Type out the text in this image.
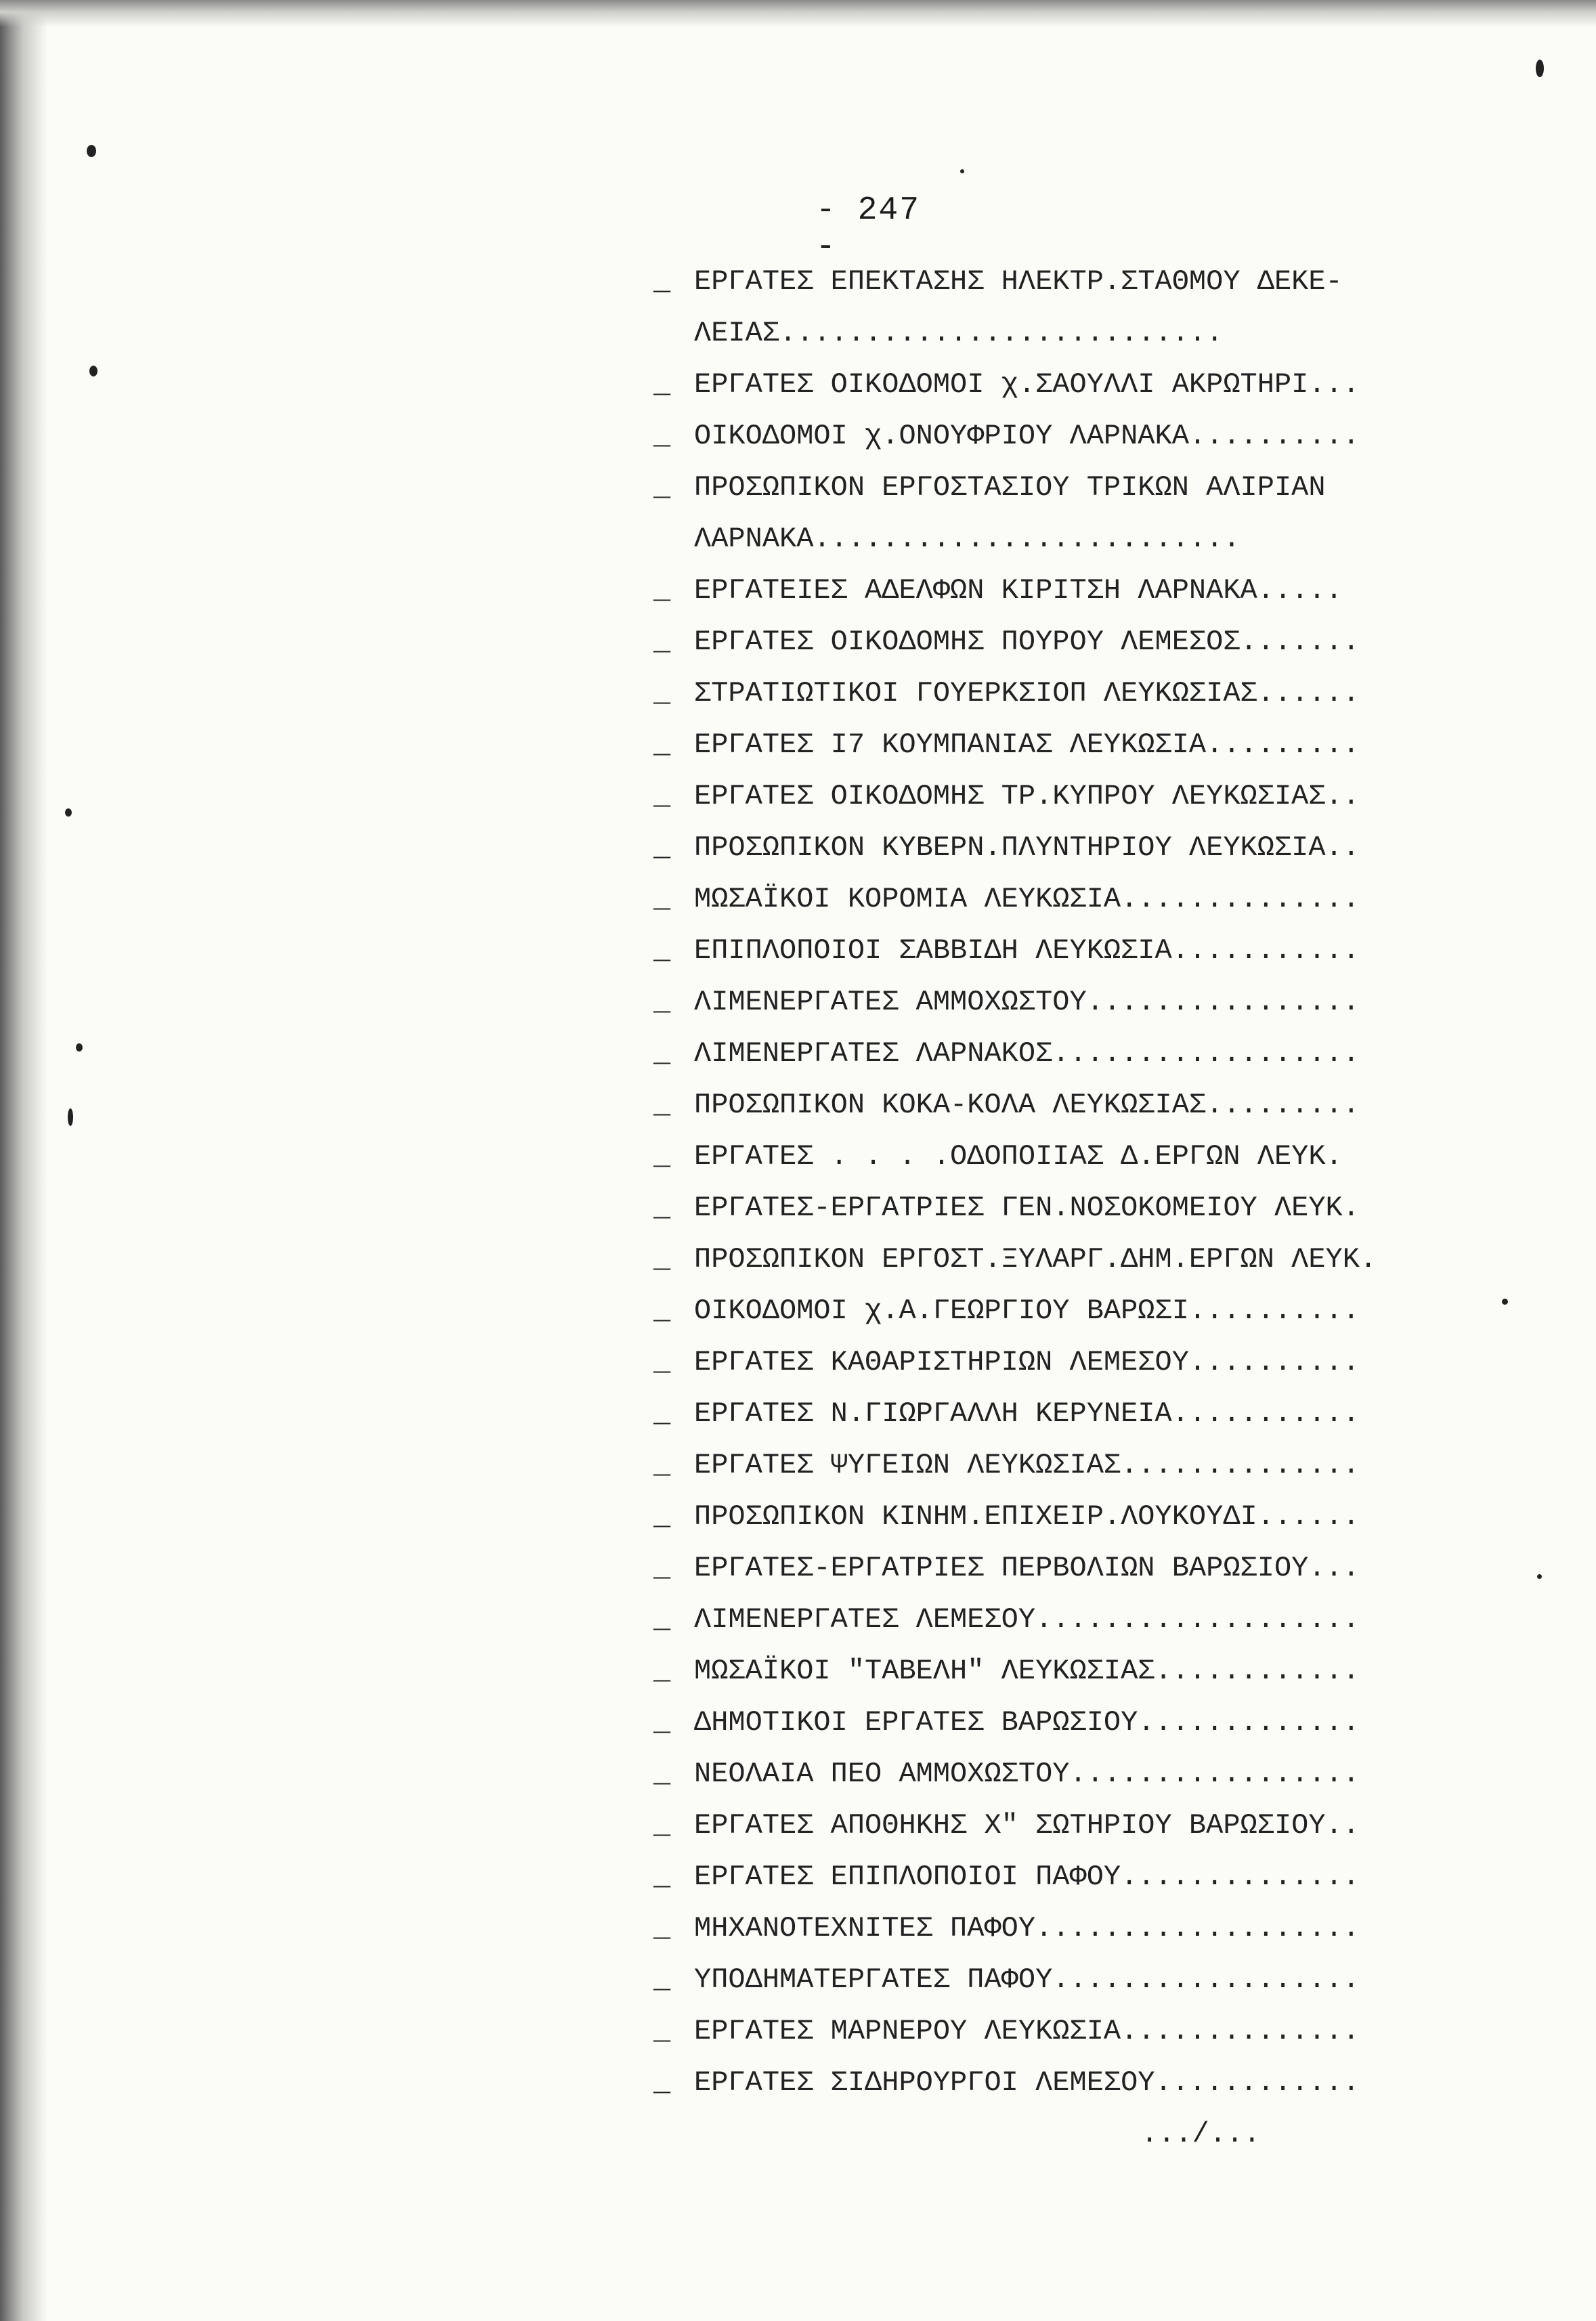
- 247 -
_ ΕΡΓΑΤΕΣ ΕΠΕΚΤΑΣΗΣ ΗΛΕΚΤΡ.ΣΤΑΘΜΟΥ ΔΕΚΕ-
ΛΕΙΑΣ..........................
_ ΕΡΓΑΤΕΣ ΟΙΚΟΔΟΜΟΙ χ.ΣΑΟΥΛΛΙ ΑΚΡΩΤΗΡΙ...
_ ΟΙΚΟΔΟΜΟΙ χ.ΟΝΟΥΦΡΙΟΥ ΛΑΡΝΑΚΑ..........
_ ΠΡΟΣΩΠΙΚΟΝ ΕΡΓΟΣΤΑΣΙΟΥ ΤΡΙΚΩΝ ΑΛΙΡΙΑΝ
ΛΑΡΝΑΚΑ.........................
_ ΕΡΓΑΤΕΙΕΣ ΑΔΕΛΦΩΝ ΚΙΡΙΤΣΗ ΛΑΡΝΑΚΑ.....
_ ΕΡΓΑΤΕΣ ΟΙΚΟΔΟΜΗΣ ΠΟΥΡΟΥ ΛΕΜΕΣΟΣ.......
_ ΣΤΡΑΤΙΩΤΙΚΟΙ ΓΟΥΕΡΚΣΙΟΠ ΛΕΥΚΩΣΙΑΣ......
_ ΕΡΓΑΤΕΣ Ι7 ΚΟΥΜΠΑΝΙΑΣ ΛΕΥΚΩΣΙΑ.........
_ ΕΡΓΑΤΕΣ ΟΙΚΟΔΟΜΗΣ ΤΡ.ΚΥΠΡΟΥ ΛΕΥΚΩΣΙΑΣ..
_ ΠΡΟΣΩΠΙΚΟΝ ΚΥΒΕΡΝ.ΠΛΥΝΤΗΡΙΟΥ ΛΕΥΚΩΣΙΑ..
_ ΜΩΣΑΪΚΟΙ ΚΟΡΟΜΙΑ ΛΕΥΚΩΣΙΑ..............
_ ΕΠΙΠΛΟΠΟΙΟΙ ΣΑΒΒΙΔΗ ΛΕΥΚΩΣΙΑ...........
_ ΛΙΜΕΝΕΡΓΑΤΕΣ ΑΜΜΟΧΩΣΤΟΥ................
_ ΛΙΜΕΝΕΡΓΑΤΕΣ ΛΑΡΝΑΚΟΣ..................
_ ΠΡΟΣΩΠΙΚΟΝ ΚΟΚΑ-ΚΟΛΑ ΛΕΥΚΩΣΙΑΣ.........
_ ΕΡΓΑΤΕΣ . . . .ΟΔΟΠΟΙΙΑΣ Δ.ΕΡΓΩΝ ΛΕΥΚ.
_ ΕΡΓΑΤΕΣ-ΕΡΓΑΤΡΙΕΣ ΓΕΝ.ΝΟΣΟΚΟΜΕΙΟΥ ΛΕΥΚ.
_ ΠΡΟΣΩΠΙΚΟΝ ΕΡΓΟΣΤ.ΞΥΛΑΡΓ.ΔΗΜ.ΕΡΓΩΝ ΛΕΥΚ.
_ ΟΙΚΟΔΟΜΟΙ χ.Α.ΓΕΩΡΓΙΟΥ ΒΑΡΩΣΙ..........
_ ΕΡΓΑΤΕΣ ΚΑΘΑΡΙΣΤΗΡΙΩΝ ΛΕΜΕΣΟΥ..........
_ ΕΡΓΑΤΕΣ Ν.ΓΙΩΡΓΑΛΛΗ ΚΕΡΥΝΕΙΑ...........
_ ΕΡΓΑΤΕΣ ΨΥΓΕΙΩΝ ΛΕΥΚΩΣΙΑΣ..............
_ ΠΡΟΣΩΠΙΚΟΝ ΚΙΝΗΜ.ΕΠΙΧΕΙΡ.ΛΟΥΚΟΥΔΙ......
_ ΕΡΓΑΤΕΣ-ΕΡΓΑΤΡΙΕΣ ΠΕΡΒΟΛΙΩΝ ΒΑΡΩΣΙΟΥ...
_ ΛΙΜΕΝΕΡΓΑΤΕΣ ΛΕΜΕΣΟΥ...................
_ ΜΩΣΑΪΚΟΙ "ΤΑΒΕΛΗ" ΛΕΥΚΩΣΙΑΣ............
_ ΔΗΜΟΤΙΚΟΙ ΕΡΓΑΤΕΣ ΒΑΡΩΣΙΟΥ.............
_ ΝΕΟΛΑΙΑ ΠΕΟ ΑΜΜΟΧΩΣΤΟΥ.................
_ ΕΡΓΑΤΕΣ ΑΠΟΘΗΚΗΣ Χ" ΣΩΤΗΡΙΟΥ ΒΑΡΩΣΙΟΥ..
_ ΕΡΓΑΤΕΣ ΕΠΙΠΛΟΠΟΙΟΙ ΠΑΦΟΥ..............
_ ΜΗΧΑΝΟΤΕΧΝΙΤΕΣ ΠΑΦΟΥ...................
_ ΥΠΟΔΗΜΑΤΕΡΓΑΤΕΣ ΠΑΦΟΥ..................
_ ΕΡΓΑΤΕΣ ΜΑΡΝΕΡΟΥ ΛΕΥΚΩΣΙΑ..............
_ ΕΡΓΑΤΕΣ ΣΙΔΗΡΟΥΡΓΟΙ ΛΕΜΕΣΟΥ............
.../...
